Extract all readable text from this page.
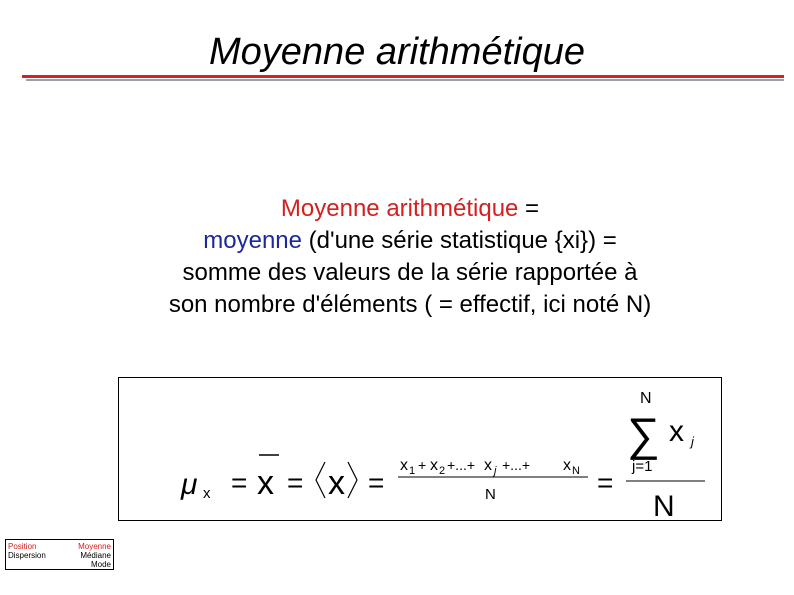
Moyenne arithmétique
Moyenne arithmétique =
moyenne (d'une série statistique {xi}) =
somme des valeurs de la série rapportée à
son nombre d'éléments ( = effectif, ici noté N)
μ x = x = x =
x 1 + x 2 +...+ x j +...+ x N
N	=
N
∑ x j
j=1
N
Position
Dispersion
Moyenne
Médiane
Mode
